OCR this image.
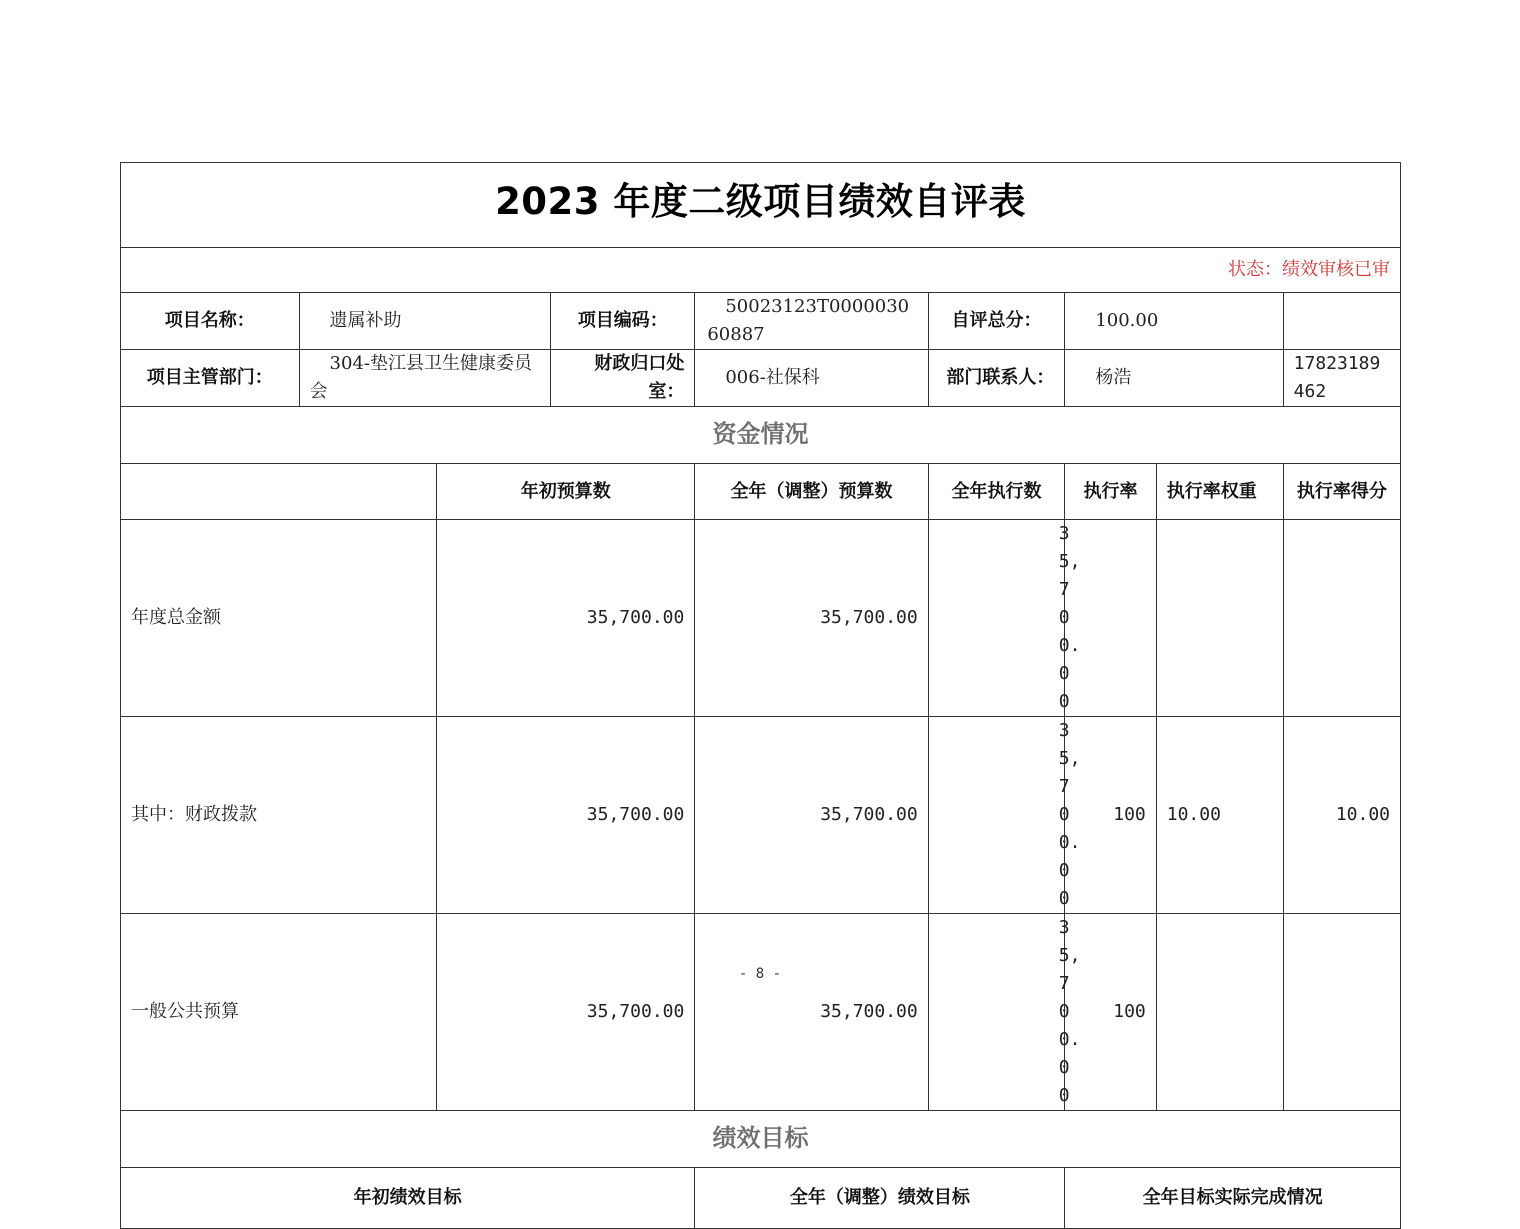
2023 年度二级项目绩效自评表								
状态：绩效审核已审								
项目名称：	遗属补助		项目编码：	50023123T000003060887	自评总分：	100.00		
项目主管部门：	304-垫江县卫生健康委员会		财政归口处室：	006-社保科	部门联系人：	杨浩		17823189462
资金情况								
		年初预算数		全年（调整）预算数	全年执行数	执行率	执行率权重	执行率得分
年度总金额		35,700.00		35,700.00	35,700.00			
其中：财政拨款		35,700.00		35,700.00	35,700.00	100	10.00	10.00
一般公共预算		35,700.00		35,700.00	35,700.00	100		
绩效目标								
年初绩效目标				全年（调整）绩效目标		全年目标实际完成情况		
- 8 -
